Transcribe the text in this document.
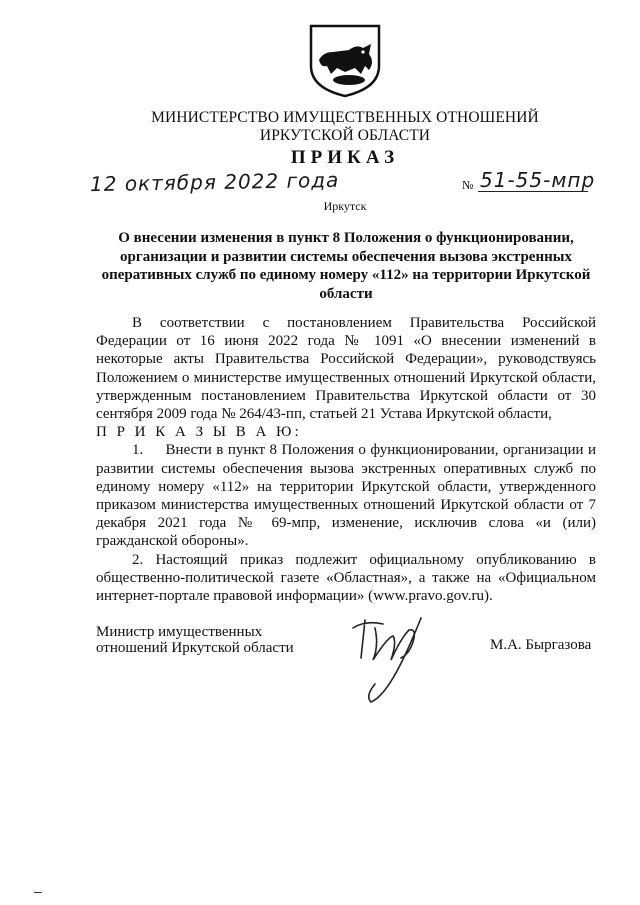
МИНИСТЕРСТВО ИМУЩЕСТВЕННЫХ ОТНОШЕНИЙ
ИРКУТСКОЙ ОБЛАСТИ
ПРИКАЗ
12 октября 2022 года	№ 51-55-мпр
Иркутск
О внесении изменения в пункт 8 Положения о функционировании, организации и развитии системы обеспечения вызова экстренных оперативных служб по единому номеру «112» на территории Иркутской области

В соответствии с постановлением Правительства Российской Федерации от 16 июня 2022 года № 1091 «О внесении изменений в некоторые акты Правительства Российской Федерации», руководствуясь Положением о министерстве имущественных отношений Иркутской области, утвержденным постановлением Правительства Иркутской области от 30 сентября 2009 года № 264/43-пп, статьей 21 Устава Иркутской области,

П Р И К А З Ы В А Ю:

1.     Внести в пункт 8 Положения о функционировании, организации и развитии системы обеспечения вызова экстренных оперативных служб по единому номеру «112» на территории Иркутской области, утвержденного приказом министерства имущественных отношений Иркутской области от 7 декабря 2021 года № 69-мпр, изменение, исключив слова «и (или) гражданской обороны».

2. Настоящий приказ подлежит официальному опубликованию в общественно-политической газете «Областная», а также на «Официальном интернет-портале правовой информации» (www.pravo.gov.ru).

Министр имущественных
отношений Иркутской области	М.А. Быргазова
